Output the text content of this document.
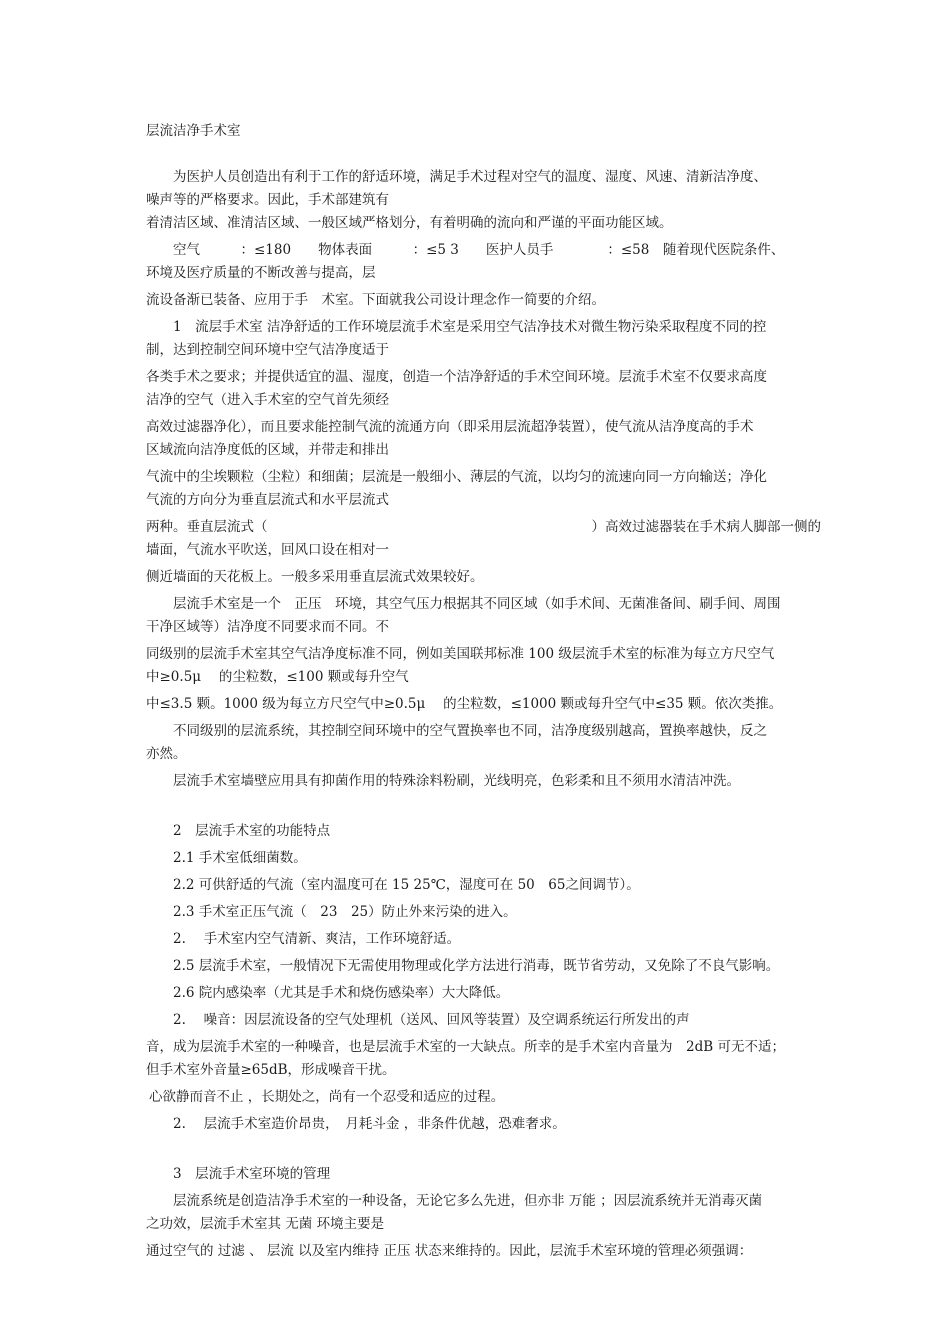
层流洁净手术室
为医护人员创造出有利于工作的舒适环境，满足手术过程对空气的温度、湿度、风速、清新洁净度、
噪声等的严格要求。因此，手术部建筑有
着清洁区域、准清洁区域、一般区域严格划分，有着明确的流向和严谨的平面功能区域。
空气　　　：≤180　　物体表面　　　：≤5 3　　医护人员手　　　　：≤58　随着现代医院条件、
环境及医疗质量的不断改善与提高，层
流设备渐已装备、应用于手　术室。下面就我公司设计理念作一简要的介绍。
1　流层手术室 洁净舒适的工作环境层流手术室是采用空气洁净技术对微生物污染采取程度不同的控
制，达到控制空间环境中空气洁净度适于
各类手术之要求；并提供适宜的温、湿度，创造一个洁净舒适的手术空间环境。层流手术室不仅要求高度
洁净的空气（进入手术室的空气首先须经
高效过滤器净化），而且要求能控制气流的流通方向（即采用层流超净装置），使气流从洁净度高的手术
区域流向洁净度低的区域，并带走和排出
气流中的尘埃颗粒（尘粒）和细菌；层流是一般细小、薄层的气流，以均匀的流速向同一方向输送；净化
气流的方向分为垂直层流式和水平层流式
两种。垂直层流式（　　　　　　　　　　　　　　　　　　　　　　　　）高效过滤器装在手术病人脚部一侧的
墙面，气流水平吹送，回风口设在相对一
侧近墙面的天花板上。一般多采用垂直层流式效果较好。
层流手术室是一个　正压　环境，其空气压力根据其不同区域（如手术间、无菌准备间、刷手间、周围
干净区域等）洁净度不同要求而不同。不
同级别的层流手术室其空气洁净度标准不同，例如美国联邦标准 100 级层流手术室的标准为每立方尺空气
中≥0.5μ　 的尘粒数，≤100 颗或每升空气
中≤3.5 颗。1000 级为每立方尺空气中≥0.5μ　 的尘粒数，≤1000 颗或每升空气中≤35 颗。依次类推。
不同级别的层流系统，其控制空间环境中的空气置换率也不同，洁净度级别越高，置换率越快，反之
亦然。
层流手术室墙壁应用具有抑菌作用的特殊涂料粉刷，光线明亮，色彩柔和且不须用水清洁冲洗。
2　层流手术室的功能特点
2.1 手术室低细菌数。
2.2 可供舒适的气流（室内温度可在 15 25℃，湿度可在 50　65之间调节）。
2.3 手术室正压气流（　23　25）防止外来污染的进入。
2.　 手术室内空气清新、爽洁，工作环境舒适。
2.5 层流手术室，一般情况下无需使用物理或化学方法进行消毒，既节省劳动，又免除了不良气影响。
2.6 院内感染率（尤其是手术和烧伤感染率）大大降低。
2.　 噪音：因层流设备的空气处理机（送风、回风等装置）及空调系统运行所发出的声
音，成为层流手术室的一种噪音，也是层流手术室的一大缺点。所幸的是手术室内音量为　2dB 可无不适；
但手术室外音量≥65dB，形成噪音干扰。
心欲静而音不止 ，长期处之，尚有一个忍受和适应的过程。
2.　 层流手术室造价昂贵，　月耗斗金 ，非条件优越，恐难奢求。
3　层流手术室环境的管理
层流系统是创造洁净手术室的一种设备，无论它多么先进，但亦非 万能 ；因层流系统并无消毒灭菌
之功效，层流手术室其 无菌 环境主要是
通过空气的 过滤 、 层流 以及室内维持 正压 状态来维持的。因此，层流手术室环境的管理必须强调：
